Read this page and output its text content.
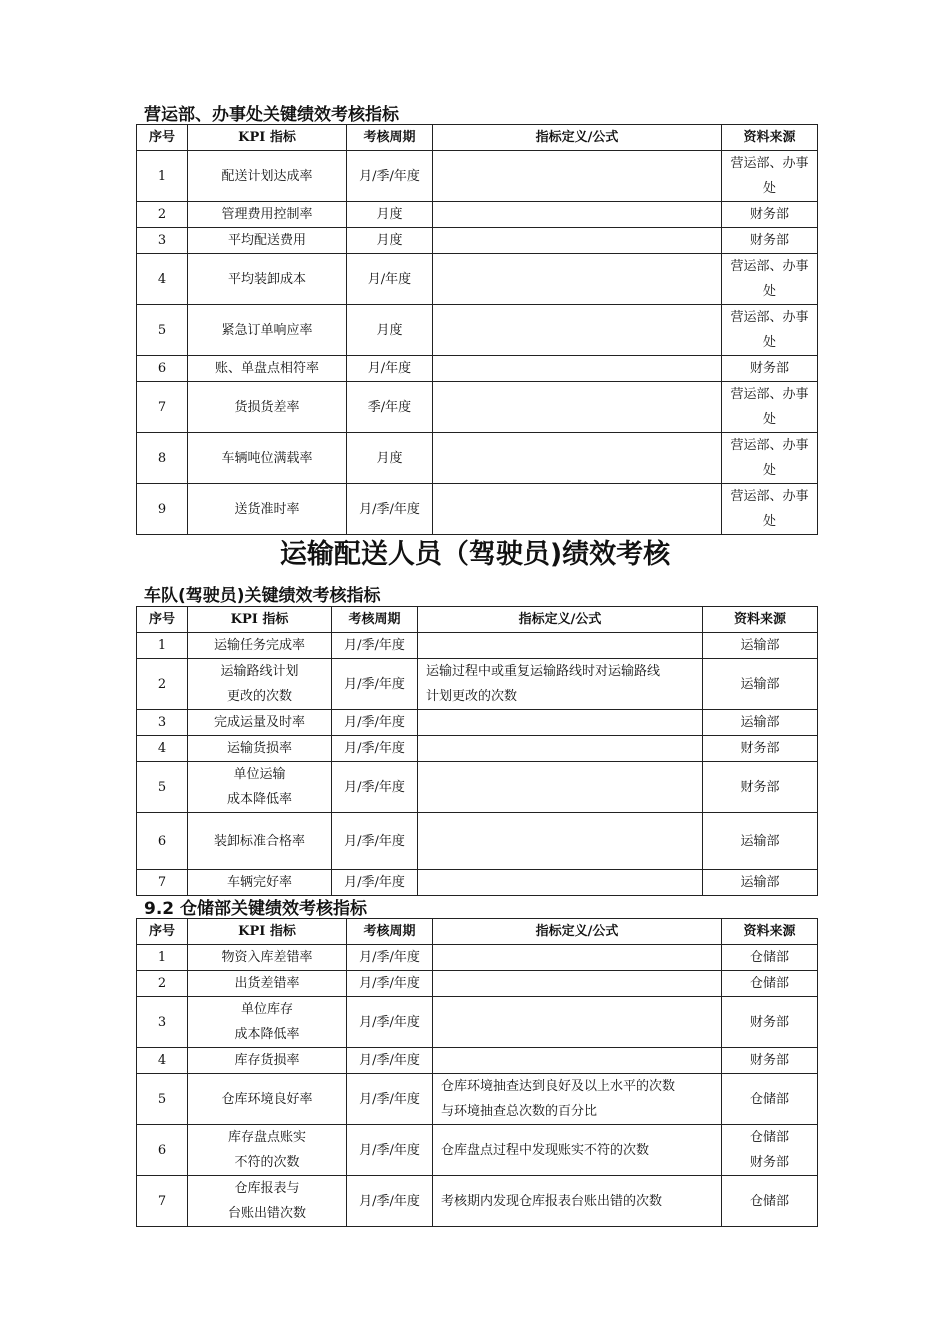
营运部、办事处关键绩效考核指标
序号	KPI 指标	考核周期	指标定义/公式	资料来源
1	配送计划达成率	月/季/年度		营运部、办事
处

2	管理费用控制率	月度		财务部

3	平均配送费用	月度		财务部

4	平均装卸成本	月/年度		营运部、办事
处

5	紧急订单响应率	月度		营运部、办事
处

6	账、单盘点相符率	月/年度		财务部

7	货损货差率	季/年度		营运部、办事
处

8	车辆吨位满载率	月度		营运部、办事
处

9	送货准时率	月/季/年度		营运部、办事
处
运输配送人员（驾驶员)绩效考核
车队(驾驶员)关键绩效考核指标
序号	KPI 指标	考核周期	指标定义/公式	资料来源
1	运输任务完成率	月/季/年度		运输部

2	运输路线计划
更改的次数	月/季/年度	运输过程中或重复运输路线时对运输路线
计划更改的次数	运输部

3	完成运量及时率	月/季/年度		运输部

4	运输货损率	月/季/年度		财务部

5	单位运输
成本降低率	月/季/年度		财务部

6	装卸标准合格率	月/季/年度		运输部

7	车辆完好率	月/季/年度		运输部
9.2 仓储部关键绩效考核指标
序号	KPI 指标	考核周期	指标定义/公式	资料来源
1	物资入库差错率	月/季/年度		仓储部

2	出货差错率	月/季/年度		仓储部

3	单位库存
成本降低率	月/季/年度		财务部

4	库存货损率	月/季/年度		财务部

5	仓库环境良好率	月/季/年度	仓库环境抽查达到良好及以上水平的次数
与环境抽查总次数的百分比	仓储部

6	库存盘点账实
不符的次数	月/季/年度	仓库盘点过程中发现账实不符的次数	仓储部
财务部

7	仓库报表与
台账出错次数	月/季/年度	考核期内发现仓库报表台账出错的次数	仓储部
